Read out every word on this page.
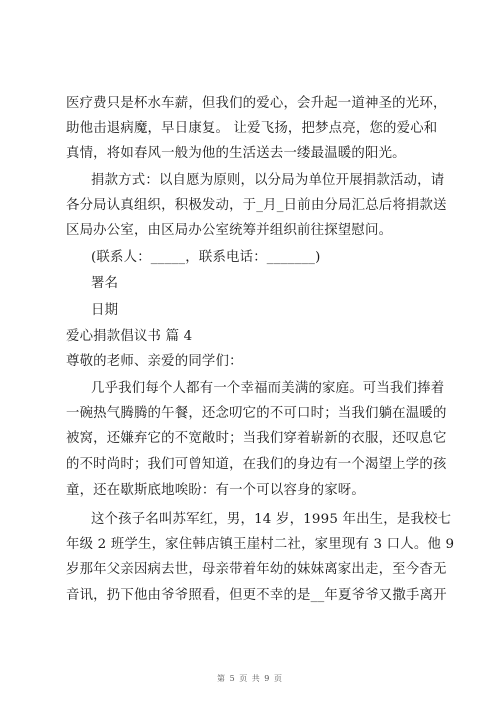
医疗费只是杯水车薪，但我们的爱心，会升起一道神圣的光环，
助他击退病魔，早日康复。 让爱飞扬，把梦点亮，您的爱心和
真情，将如春风一般为他的生活送去一缕最温暖的阳光。
捐款方式：以自愿为原则，以分局为单位开展捐款活动，请
各分局认真组织，积极发动，于_月_日前由分局汇总后将捐款送
区局办公室，由区局办公室统筹并组织前往探望慰问。
(联系人：_____，联系电话：_______)
署名
日期
爱心捐款倡议书 篇 4
尊敬的老师、亲爱的同学们：
几乎我们每个人都有一个幸福而美满的家庭。可当我们捧着
一碗热气腾腾的午餐，还念叨它的不可口时；当我们躺在温暖的
被窝，还嫌弃它的不宽敞时；当我们穿着崭新的衣服，还叹息它
的不时尚时；我们可曾知道，在我们的身边有一个渴望上学的孩
童，还在歇斯底地唉盼：有一个可以容身的家呀。
这个孩子名叫苏军红，男，14 岁，1995 年出生，是我校七
年级 2 班学生，家住韩店镇王崖村二社，家里现有 3 口人。他 9
岁那年父亲因病去世，母亲带着年幼的妹妹离家出走，至今杳无
音讯，扔下他由爷爷照看，但更不幸的是__年夏爷爷又撒手离开
第 5 页 共 9 页
